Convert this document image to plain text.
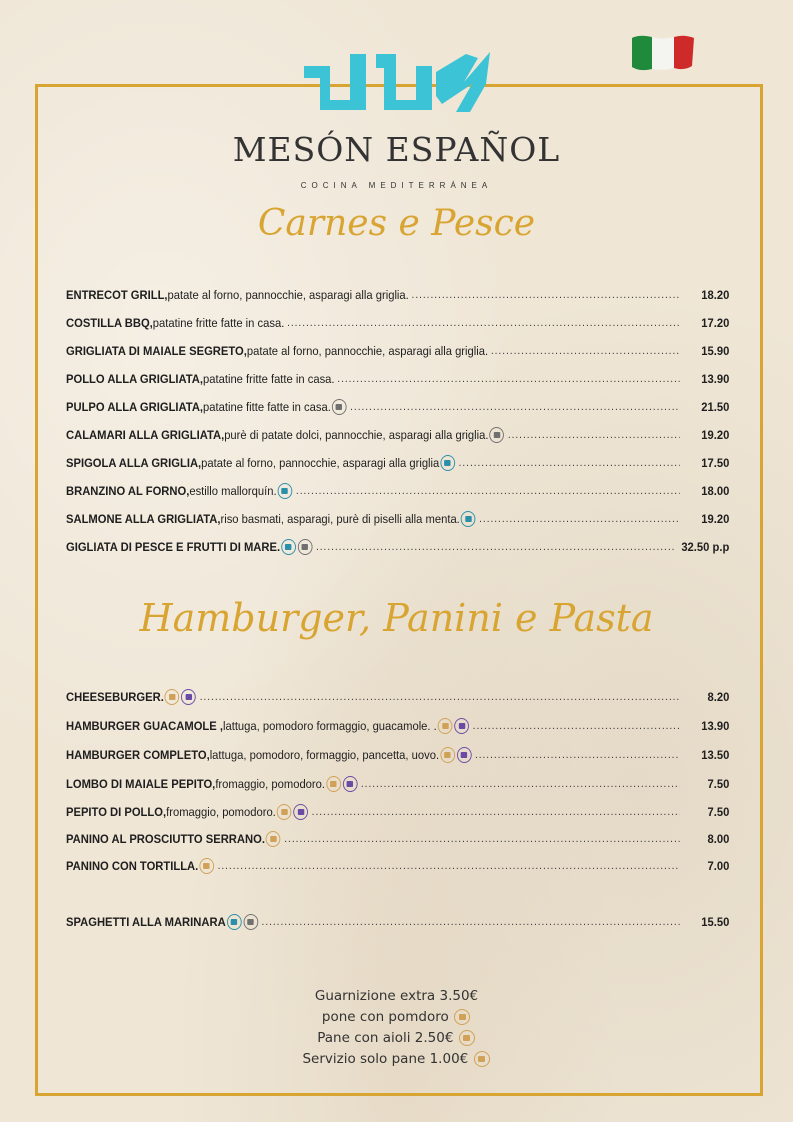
MESÓN ESPAÑOL
COCINA MEDITERRÁNEA
Carnes e Pesce
Hamburger, Panini e Pasta
ENTRECOT GRILL, patate al forno, pannocchie, asparagi alla griglia. . . .	18.20
COSTILLA BBQ, patatine fritte fatte in casa. . . .	17.20
GRIGLIATA DI MAIALE SEGRETO, patate al forno, pannocchie, asparagi alla griglia. . . .	15.90
POLLO ALLA GRIGLIATA, patatine fritte fatte in casa. . . .	13.90
PULPO ALLA GRIGLIATA, patatine fitte fatte in casa. . . .	21.50
CALAMARI ALLA GRIGLIATA, purè di patate dolci, pannocchie, asparagi alla griglia. . . .	19.20
SPIGOLA ALLA GRIGLIA, patate al forno, pannocchie, asparagi alla griglia . . .	17.50
BRANZINO AL FORNO, estillo mallorquín. . . .	18.00
SALMONE ALLA GRIGLIATA, riso basmati, asparagi, purè di piselli alla menta. . . .	19.20
GIGLIATA DI PESCE E FRUTTI DI MARE. . . .	32.50 p.p
CHEESEBURGER. . . .	8.20
HAMBURGER GUACAMOLE , lattuga, pomodoro formaggio, guacamole. . . . .	13.90
HAMBURGER COMPLETO, lattuga, pomodoro, formaggio, pancetta, uovo. . . .	13.50
LOMBO DI MAIALE PEPITO, fromaggio, pomodoro. . . .	7.50
PEPITO DI POLLO, fromaggio, pomodoro. . . .	7.50
PANINO AL PROSCIUTTO SERRANO. . . .	8.00
PANINO CON TORTILLA. . . .	7.00
SPAGHETTI ALLA MARINARA . . .	15.50
Guarnizione extra 3.50€
pone con pomdoro
Pane con aioli 2.50€
Servizio solo pane 1.00€
